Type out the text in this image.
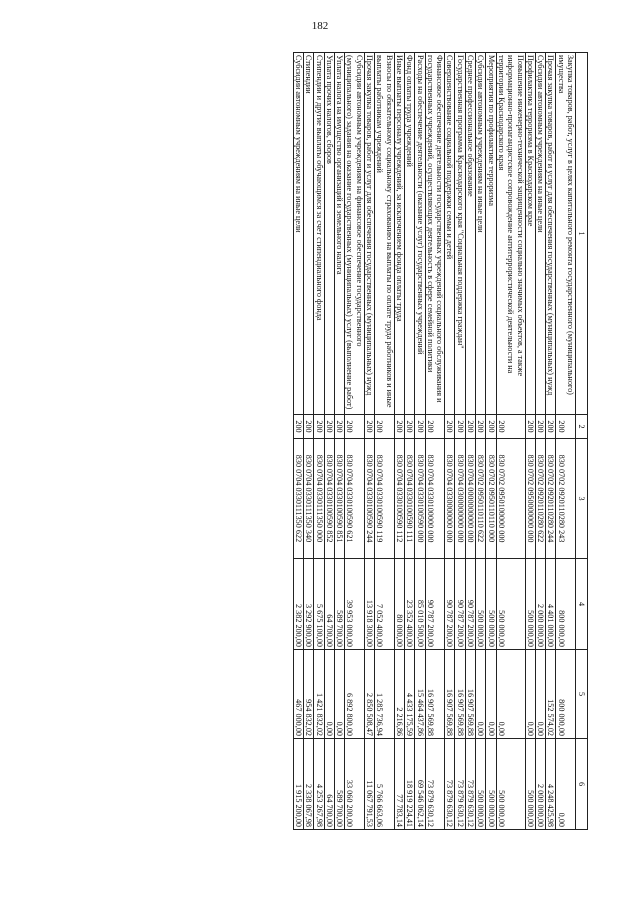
182
1	2	3	4	5	6
Закупка товаров, работ, услуг в целях капитального ремонта государственного (муниципального) имущества	200	830 0702 0920110280 243	800 000,00	800 000,00	0,00
Прочая закупка товаров, работ и услуг для обеспечения государственных (муниципальных) нужд	200	830 0702 0920110280 244	4 401 000,00	152 574,02	4 248 425,98
Субсидии автономным учреждениям на иные цели	200	830 0702 0920110280 622	2 000 000,00	0,00	2 000 000,00
Профилактика терроризма в Краснодарском крае	200	830 0702 0950000000 000	500 000,00	0,00	500 000,00
Повышение инженерно-технической защищенности социально значимых объектов, а также информационно-пропагандистское сопровождение антитеррористической деятельности на территории Краснодарского края	200	830 0702 0950100000 000	500 000,00	0,00	500 000,00
Мероприятия по профилактике терроризма	200	830 0702 0950110110 000	500 000,00	0,00	500 000,00
Субсидии автономным учреждениям на иные цели	200	830 0702 0950110110 622	500 000,00	0,00	500 000,00
Среднее профессиональное образование	200	830 0704 0000000000 000	90 787 200,00	16 907 569,88	73 879 630,12
Государственная программа Краснодарского края "Социальная поддержка граждан"	200	830 0704 0300000000 000	90 787 200,00	16 907 569,88	73 879 630,12
Совершенствование социальной поддержки семьи и детей	200	830 0704 0330000000 000	90 787 200,00	16 907 569,88	73 879 630,12
Финансовое обеспечение деятельности государственных учреждений социального обслуживания и государственных учреждений, осуществляющих деятельность в сфере семейной политики	200	830 0704 0330100000 000	90 787 200,00	16 907 569,88	73 879 630,12
Расходы на обеспечение деятельности (оказание услуг) государственных учреждений	200	830 0704 0330100590 000	85 010 500,00	15 464 437,86	69 546 062,14
Фонд оплаты труда учреждений	200	830 0704 0330100590 111	23 352 400,00	4 433 175,59	18 919 224,41
Иные выплаты персоналу учреждений, за исключением фонда оплаты труда	200	830 0704 0330100590 112	80 000,00	2 216,86	77 783,14
Взносы по обязательному социальному страхованию на выплаты по оплате труда работников и иные выплаты работникам учреждений	200	830 0704 0330100590 119	7 052 400,00	1 285 736,94	5 766 663,06
Прочая закупка товаров, работ и услуг для обеспечения государственных (муниципальных) нужд	200	830 0704 0330100590 244	13 918 300,00	2 850 508,47	11 067 791,53
Субсидии автономным учреждениям на финансовое обеспечение государственного (муниципального) задания на оказание государственных (муниципальных) услуг (выполнение работ)	200	830 0704 0330100590 621	39 953 000,00	6 892 800,00	33 060 200,00
Уплата налога на имущество организаций и земельного налога	200	830 0704 0330100590 851	589 700,00	0,00	589 700,00
Уплата прочих налогов, сборов	200	830 0704 0330100590 852	64 700,00	0,00	64 700,00
Стипендии и другие выплаты обучающимся за счет стипендиального фонда	200	830 0704 0330111350 000	5 675 100,00	1 421 832,02	4 253 267,98
Стипендии	200	830 0704 0330111350 340	3 292 900,00	954 832,02	2 338 067,98
Субсидии автономным учреждениям на иные цели	200	830 0704 0330111350 622	2 382 200,00	467 000,00	1 915 200,00
